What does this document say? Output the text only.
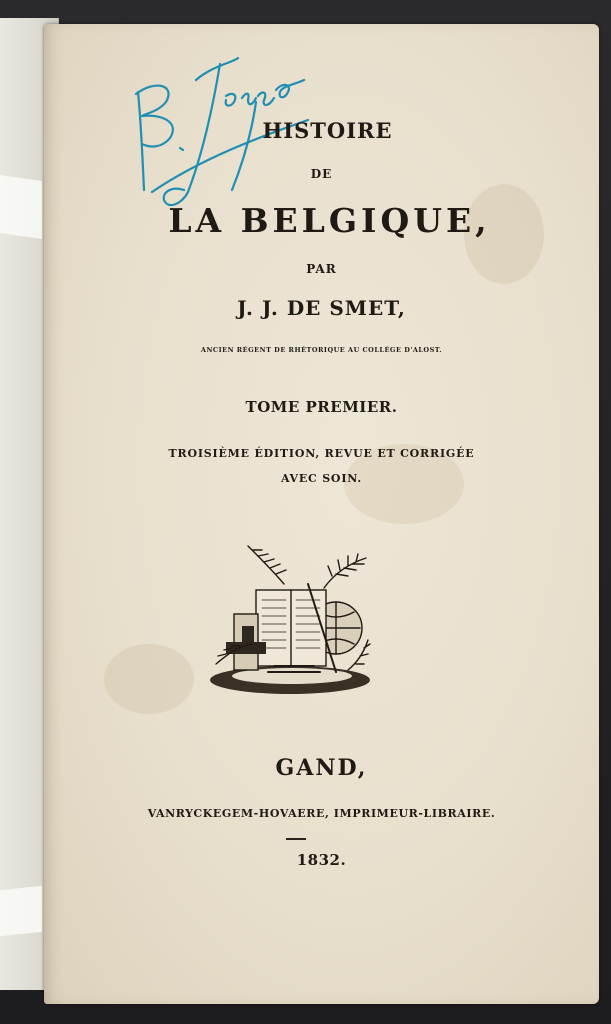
HISTOIRE

DE

LA BELGIQUE,

PAR

J. J. DE SMET,

ANCIEN RÉGENT DE RHÉTORIQUE AU COLLÉGE D'ALOST.

TOME PREMIER.

TROISIÈME ÉDITION, REVUE ET CORRIGÉE

AVEC SOIN.

GAND,

VANRYCKEGEM-HOVAERE, IMPRIMEUR-LIBRAIRE.

1832.
